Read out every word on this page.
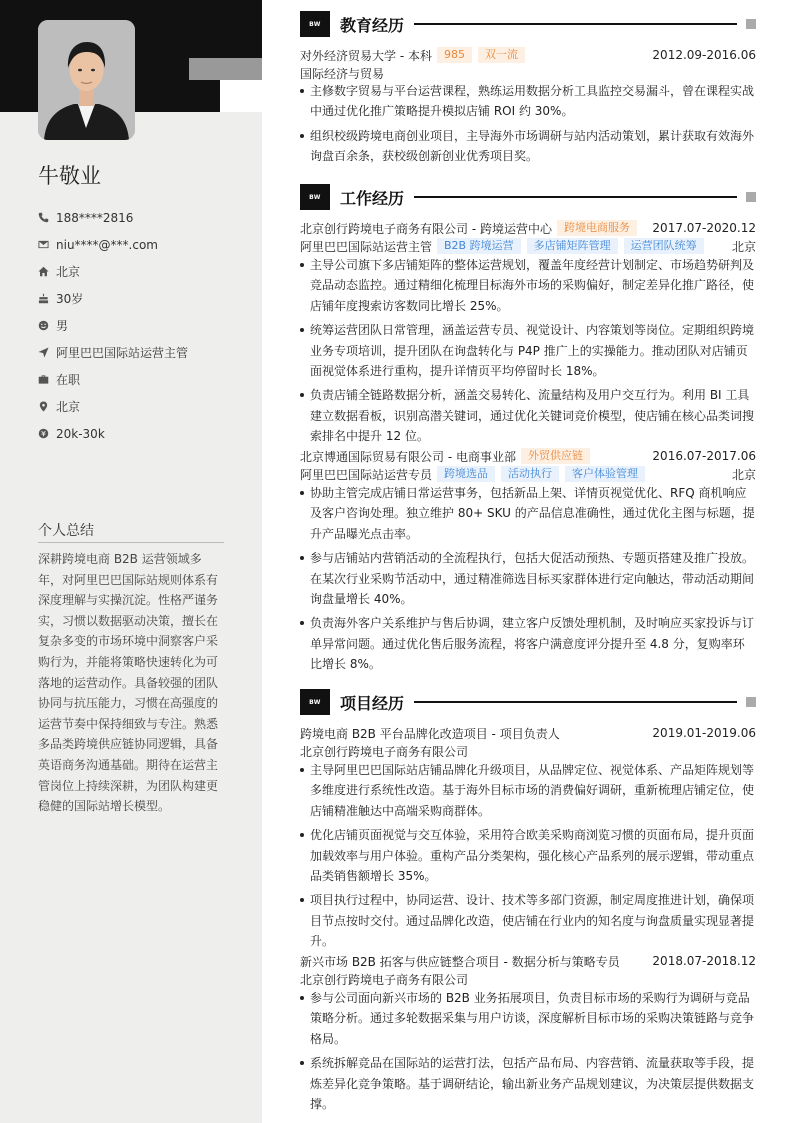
牛敬业
188****2816
niu****@***.com
北京
30岁
男
阿里巴巴国际站运营主管
在职
北京
20k-30k
个人总结

深耕跨境电商 B2B 运营领域多年，对阿里巴巴国际站规则体系有深度理解与实操沉淀。性格严谨务实，习惯以数据驱动决策，擅长在复杂多变的市场环境中洞察客户采购行为，并能将策略快速转化为可落地的运营动作。具备较强的团队协同与抗压能力，习惯在高强度的运营节奏中保持细致与专注。熟悉多品类跨境供应链协同逻辑，具备英语商务沟通基础。期待在运营主管岗位上持续深耕，为团队构建更稳健的国际站增长模型。

BW	教育经历
对外经济贸易大学 - 本科	985	双一流	2012.09-2016.06
国际经济与贸易
主修数字贸易与平台运营课程，熟练运用数据分析工具监控交易漏斗，曾在课程实战中通过优化推广策略提升模拟店铺 ROI 约 30%。
组织校级跨境电商创业项目，主导海外市场调研与站内活动策划，累计获取有效海外询盘百余条，获校级创新创业优秀项目奖。
BW	工作经历
北京创行跨境电子商务有限公司 - 跨境运营中心	跨境电商服务	2017.07-2020.12
阿里巴巴国际站运营主管	B2B 跨境运营	多店铺矩阵管理	运营团队统筹	北京
主导公司旗下多店铺矩阵的整体运营规划，覆盖年度经营计划制定、市场趋势研判及竞品动态监控。通过精细化梳理目标海外市场的采购偏好，制定差异化推广路径，使店铺年度搜索访客数同比增长 25%。
统筹运营团队日常管理，涵盖运营专员、视觉设计、内容策划等岗位。定期组织跨境业务专项培训，提升团队在询盘转化与 P4P 推广上的实操能力。推动团队对店铺页面视觉体系进行重构，提升详情页平均停留时长 18%。
负责店铺全链路数据分析，涵盖交易转化、流量结构及用户交互行为。利用 BI 工具建立数据看板，识别高潜关键词，通过优化关键词竞价模型，使店铺在核心品类词搜索排名中提升 12 位。
北京博通国际贸易有限公司 - 电商事业部	外贸供应链	2016.07-2017.06
阿里巴巴国际站运营专员	跨境选品	活动执行	客户体验管理	北京
协助主管完成店铺日常运营事务，包括新品上架、详情页视觉优化、RFQ 商机响应及客户咨询处理。独立维护 80+ SKU 的产品信息准确性，通过优化主图与标题，提升产品曝光点击率。
参与店铺站内营销活动的全流程执行，包括大促活动预热、专题页搭建及推广投放。在某次行业采购节活动中，通过精准筛选目标买家群体进行定向触达，带动活动期间询盘量增长 40%。
负责海外客户关系维护与售后协调，建立客户反馈处理机制，及时响应买家投诉与订单异常问题。通过优化售后服务流程，将客户满意度评分提升至 4.8 分，复购率环比增长 8%。
BW	项目经历
跨境电商 B2B 平台品牌化改造项目 - 项目负责人	2019.01-2019.06
北京创行跨境电子商务有限公司
主导阿里巴巴国际站店铺品牌化升级项目，从品牌定位、视觉体系、产品矩阵规划等多维度进行系统性改造。基于海外目标市场的消费偏好调研，重新梳理店铺定位，使店铺精准触达中高端采购商群体。
优化店铺页面视觉与交互体验，采用符合欧美采购商浏览习惯的页面布局，提升页面加载效率与用户体验。重构产品分类架构，强化核心产品系列的展示逻辑，带动重点品类销售额增长 35%。
项目执行过程中，协同运营、设计、技术等多部门资源，制定周度推进计划，确保项目节点按时交付。通过品牌化改造，使店铺在行业内的知名度与询盘质量实现显著提升。
新兴市场 B2B 拓客与供应链整合项目 - 数据分析与策略专员	2018.07-2018.12
北京创行跨境电子商务有限公司
参与公司面向新兴市场的 B2B 业务拓展项目，负责目标市场的采购行为调研与竞品策略分析。通过多轮数据采集与用户访谈，深度解析目标市场的采购决策链路与竞争格局。
系统拆解竞品在国际站的运营打法，包括产品布局、内容营销、流量获取等手段，提炼差异化竞争策略。基于调研结论，输出新业务产品规划建议，为决策层提供数据支撑。
